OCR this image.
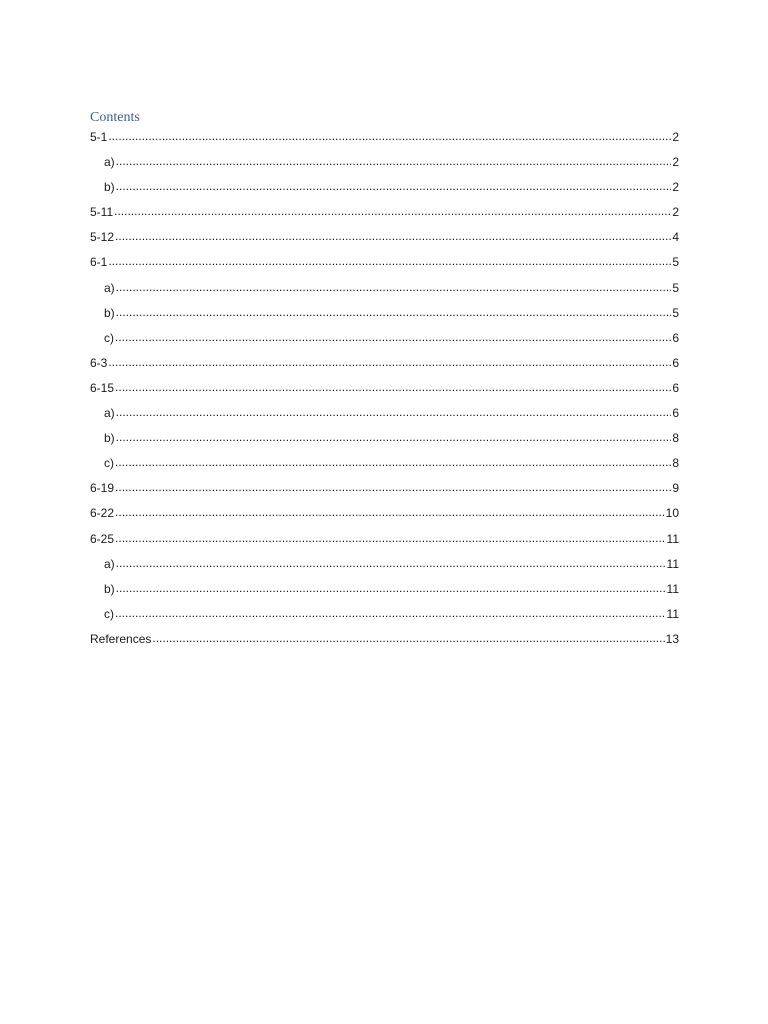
Contents
5-1 .....	2
a) .....	2
b) .....	2
5-11 .....	2
5-12 .....	4
6-1 .....	5
a) .....	5
b) .....	5
c) .....	6
6-3 .....	6
6-15 .....	6
a) .....	6
b) .....	8
c) .....	8
6-19 .....	9
6-22 .....	10
6-25 .....	11
a) .....	11
b) .....	11
c) .....	11
References .....	13
